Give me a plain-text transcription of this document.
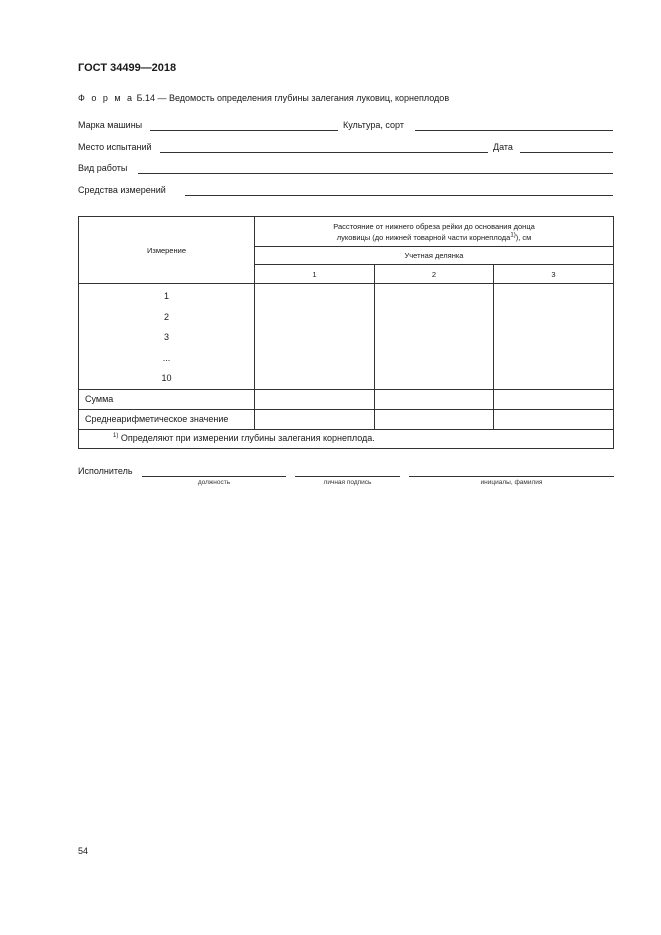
ГОСТ 34499—2018
Ф о р м а Б.14 — Ведомость определения глубины залегания луковиц, корнеплодов
Марка машины	Культура, сорт
Место испытаний	Дата
Вид работы
Средства измерений
Измерение	Расстояние от нижнего обреза рейки до основания донца
луковицы (до нижней товарной части корнеплода$^{1)}$), см		
	Учетная делянка		
	1	2	3

1
2
3
...
10			

Сумма			
Среднеарифметическое значение			
$^{1)}$ Определяют при измерении глубины залегания корнеплода.			
Исполнитель
должность	личная подпись	инициалы, фамилия
54
